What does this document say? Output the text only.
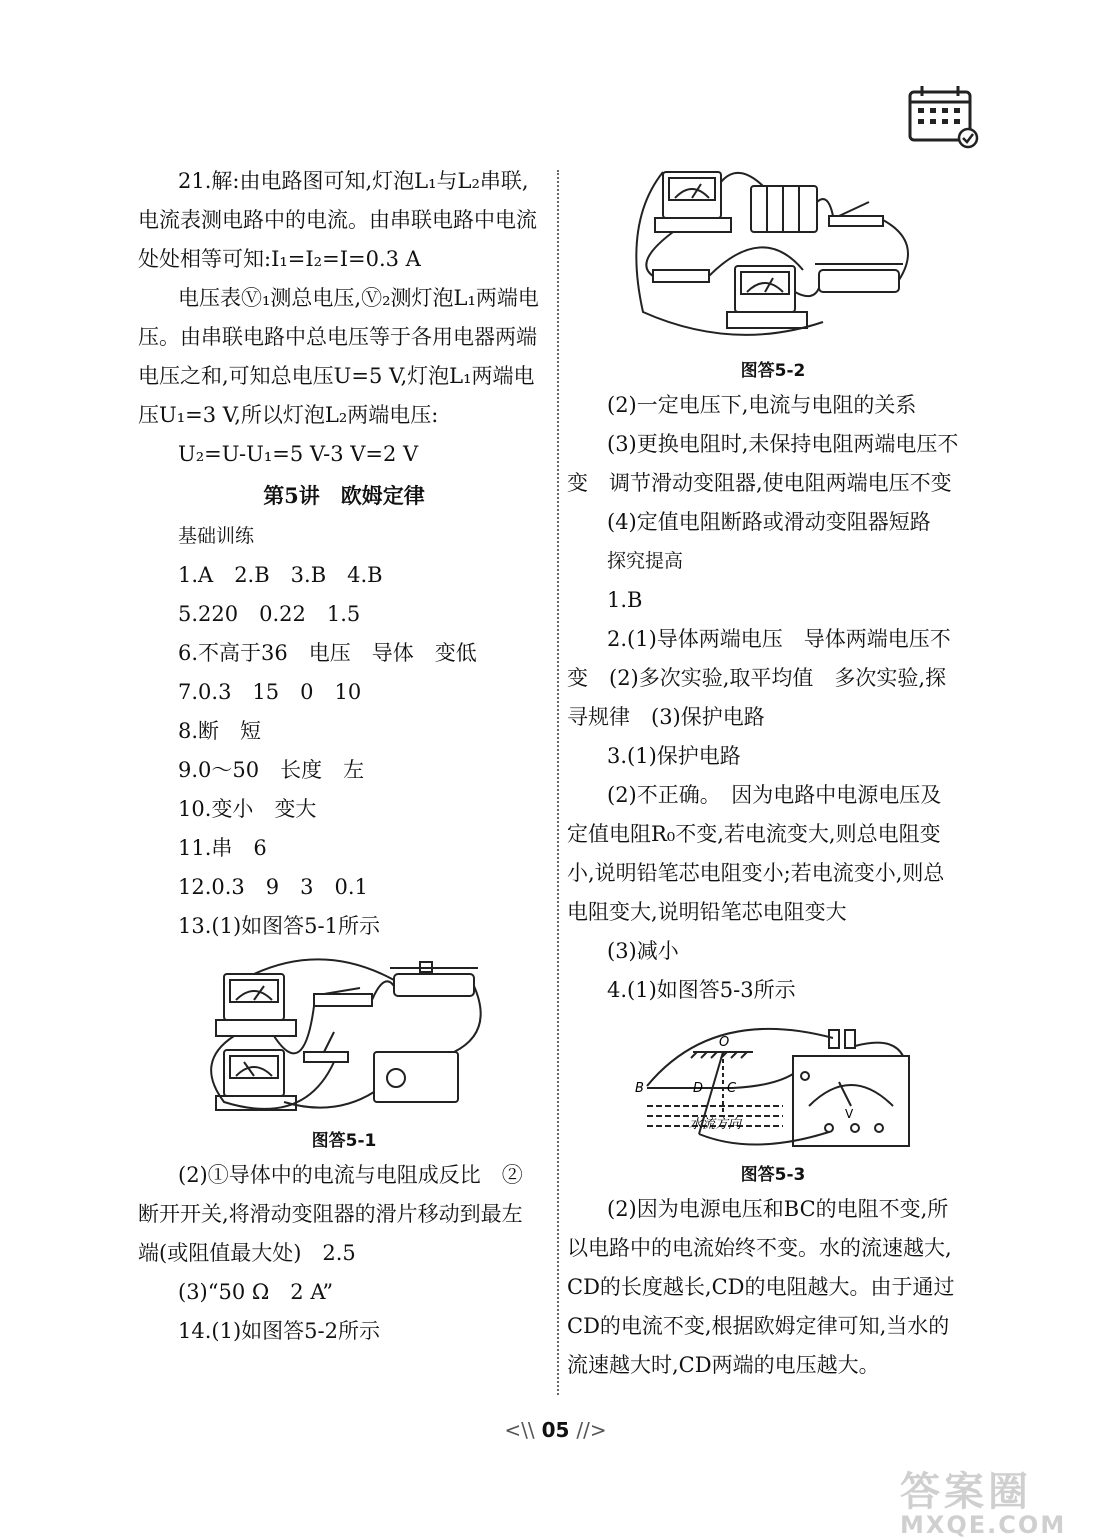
21.解:由电路图可知,灯泡L₁与L₂串联,

电流表测电路中的电流。由串联电路中电流

处处相等可知:I₁=I₂=I=0.3 A

电压表Ⓥ₁测总电压,Ⓥ₂测灯泡L₁两端电

压。由串联电路中总电压等于各用电器两端

电压之和,可知总电压U=5 V,灯泡L₁两端电

压U₁=3 V,所以灯泡L₂两端电压:

U₂=U-U₁=5 V-3 V=2 V

第5讲　欧姆定律

基础训练

1.A　2.B　3.B　4.B

5.220　0.22　1.5

6.不高于36　电压　导体　变低

7.0.3　15　0　10

8.断　短

9.0～50　长度　左

10.变小　变大

11.串　6

12.0.3　9　3　0.1

13.(1)如图答5-1所示

图答5-1

(2)①导体中的电流与电阻成反比　②

断开开关,将滑动变阻器的滑片移动到最左

端(或阻值最大处)　2.5

(3)“50 Ω　2 A”

14.(1)如图答5-2所示

图答5-2

(2)一定电压下,电流与电阻的关系

(3)更换电阻时,未保持电阻两端电压不

变　调节滑动变阻器,使电阻两端电压不变

(4)定值电阻断路或滑动变阻器短路

探究提高

1.B

2.(1)导体两端电压　导体两端电压不

变　(2)多次实验,取平均值　多次实验,探

寻规律　(3)保护电路

3.(1)保护电路

(2)不正确。　因为电路中电源电压及

定值电阻R₀不变,若电流变大,则总电阻变

小,说明铅笔芯电阻变小;若电流变小,则总

电阻变大,说明铅笔芯电阻变大

(3)减小

4.(1)如图答5-3所示

O
B	D C
水流方向
V
图答5-3

(2)因为电源电压和BC的电阻不变,所

以电路中的电流始终不变。水的流速越大,

CD的长度越长,CD的电阻越大。由于通过

CD的电流不变,根据欧姆定律可知,当水的

流速越大时,CD两端的电压越大。

<\\ 05 //>
答案圈
MXQE.COM
